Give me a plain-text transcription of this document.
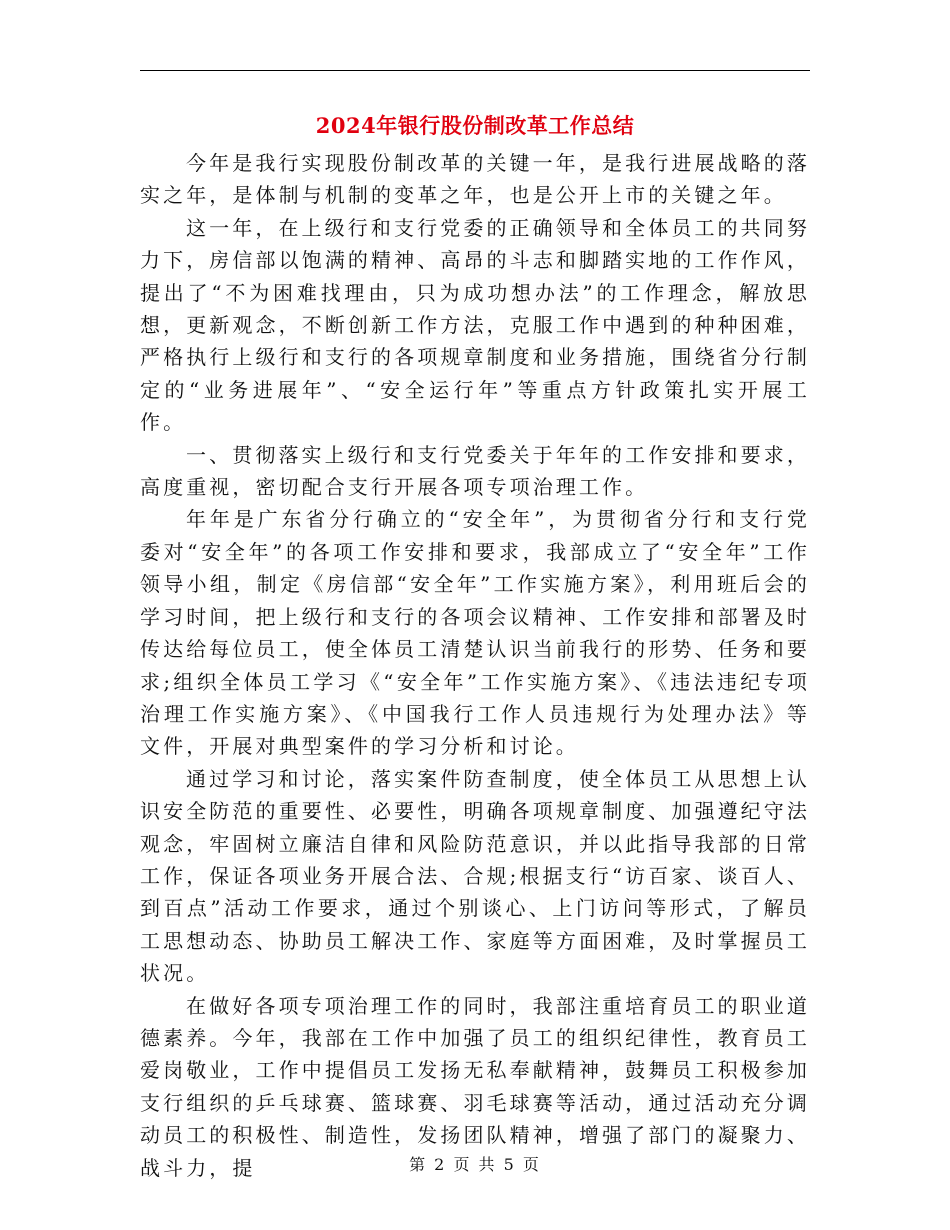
2024年银行股份制改革工作总结

今年是我行实现股份制改革的关键一年，是我行进展战略的落实之年，是体制与机制的变革之年，也是公开上市的关键之年。

这一年，在上级行和支行党委的正确领导和全体员工的共同努力下，房信部以饱满的精神、高昂的斗志和脚踏实地的工作作风，提出了“不为困难找理由，只为成功想办法”的工作理念，解放思想，更新观念，不断创新工作方法，克服工作中遇到的种种困难，严格执行上级行和支行的各项规章制度和业务措施，围绕省分行制定的“业务进展年”、“安全运行年”等重点方针政策扎实开展工作。

一、贯彻落实上级行和支行党委关于年年的工作安排和要求，高度重视，密切配合支行开展各项专项治理工作。

年年是广东省分行确立的“安全年”，为贯彻省分行和支行党委对“安全年”的各项工作安排和要求，我部成立了“安全年”工作领导小组，制定《房信部“安全年”工作实施方案》，利用班后会的学习时间，把上级行和支行的各项会议精神、工作安排和部署及时传达给每位员工，使全体员工清楚认识当前我行的形势、任务和要求;组织全体员工学习《“安全年”工作实施方案》、《违法违纪专项治理工作实施方案》、《中国我行工作人员违规行为处理办法》等文件，开展对典型案件的学习分析和讨论。

通过学习和讨论，落实案件防查制度，使全体员工从思想上认识安全防范的重要性、必要性，明确各项规章制度、加强遵纪守法观念，牢固树立廉洁自律和风险防范意识，并以此指导我部的日常工作，保证各项业务开展合法、合规;根据支行“访百家、谈百人、到百点”活动工作要求，通过个别谈心、上门访问等形式，了解员工思想动态、协助员工解决工作、家庭等方面困难，及时掌握员工状况。

在做好各项专项治理工作的同时，我部注重培育员工的职业道德素养。今年，我部在工作中加强了员工的组织纪律性，教育员工爱岗敬业，工作中提倡员工发扬无私奉献精神，鼓舞员工积极参加支行组织的乒乓球赛、篮球赛、羽毛球赛等活动，通过活动充分调动员工的积极性、制造性，发扬团队精神，增强了部门的凝聚力、战斗力，提	第 2 页 共 5 页
